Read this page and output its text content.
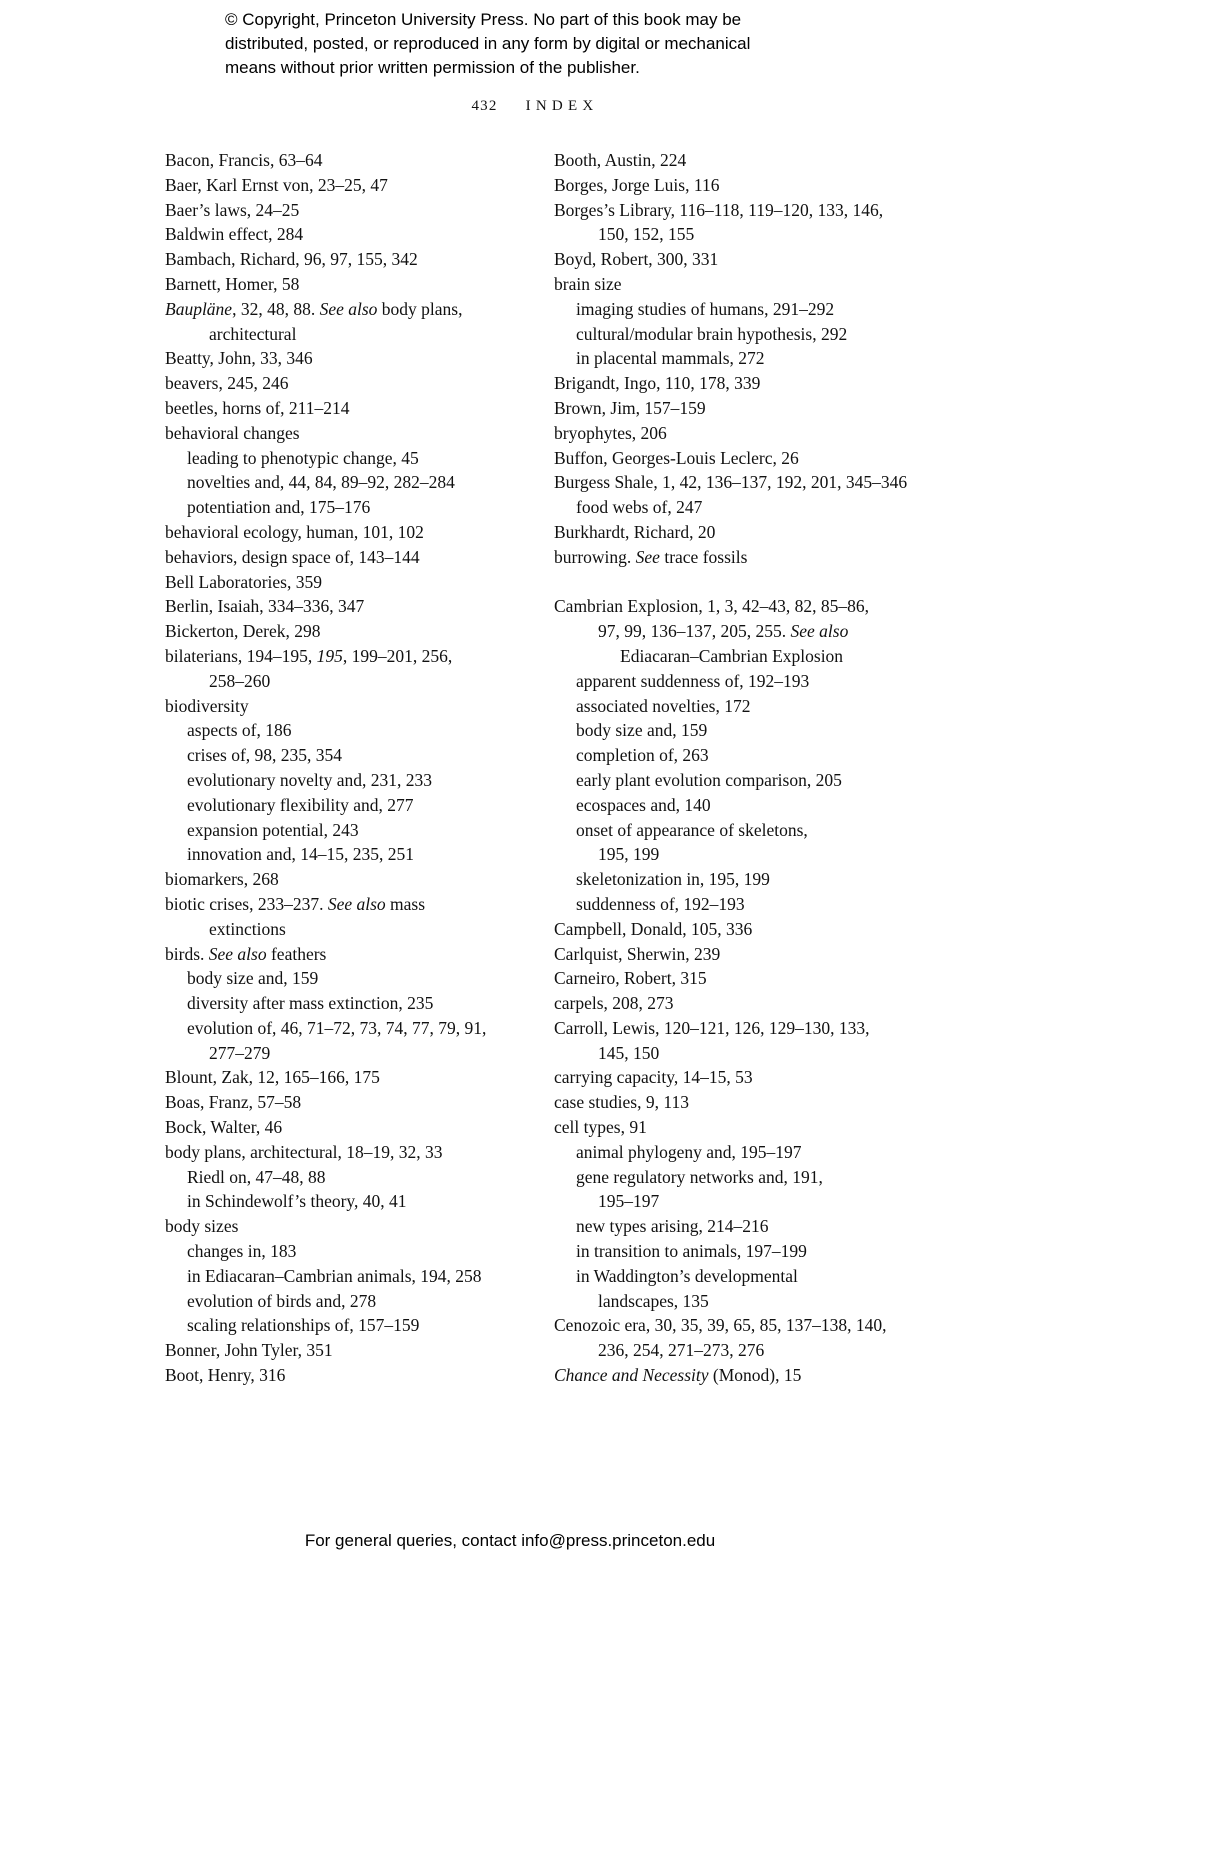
© Copyright, Princeton University Press. No part of this book may be
distributed, posted, or reproduced in any form by digital or mechanical
means without prior written permission of the publisher.
432 INDEX
Bacon, Francis, 63–64
Baer, Karl Ernst von, 23–25, 47
Baer’s laws, 24–25
Baldwin effect, 284
Bambach, Richard, 96, 97, 155, 342
Barnett, Homer, 58
Baupläne, 32, 48, 88. See also body plans,
architectural
Beatty, John, 33, 346
beavers, 245, 246
beetles, horns of, 211–214
behavioral changes
leading to phenotypic change, 45
novelties and, 44, 84, 89–92, 282–284
potentiation and, 175–176
behavioral ecology, human, 101, 102
behaviors, design space of, 143–144
Bell Laboratories, 359
Berlin, Isaiah, 334–336, 347
Bickerton, Derek, 298
bilaterians, 194–195, 195, 199–201, 256,
258–260
biodiversity
aspects of, 186
crises of, 98, 235, 354
evolutionary novelty and, 231, 233
evolutionary flexibility and, 277
expansion potential, 243
innovation and, 14–15, 235, 251
biomarkers, 268
biotic crises, 233–237. See also mass
extinctions
birds. See also feathers
body size and, 159
diversity after mass extinction, 235
evolution of, 46, 71–72, 73, 74, 77, 79, 91,
277–279
Blount, Zak, 12, 165–166, 175
Boas, Franz, 57–58
Bock, Walter, 46
body plans, architectural, 18–19, 32, 33
Riedl on, 47–48, 88
in Schindewolf’s theory, 40, 41
body sizes
changes in, 183
in Ediacaran–Cambrian animals, 194, 258
evolution of birds and, 278
scaling relationships of, 157–159
Bonner, John Tyler, 351
Boot, Henry, 316
Booth, Austin, 224
Borges, Jorge Luis, 116
Borges’s Library, 116–118, 119–120, 133, 146,
150, 152, 155
Boyd, Robert, 300, 331
brain size
imaging studies of humans, 291–292
cultural/modular brain hypothesis, 292
in placental mammals, 272
Brigandt, Ingo, 110, 178, 339
Brown, Jim, 157–159
bryophytes, 206
Buffon, Georges-Louis Leclerc, 26
Burgess Shale, 1, 42, 136–137, 192, 201, 345–346
food webs of, 247
Burkhardt, Richard, 20
burrowing. See trace fossils
Cambrian Explosion, 1, 3, 42–43, 82, 85–86,
97, 99, 136–137, 205, 255. See also
Ediacaran–Cambrian Explosion
apparent suddenness of, 192–193
associated novelties, 172
body size and, 159
completion of, 263
early plant evolution comparison, 205
ecospaces and, 140
onset of appearance of skeletons,
195, 199
skeletonization in, 195, 199
suddenness of, 192–193
Campbell, Donald, 105, 336
Carlquist, Sherwin, 239
Carneiro, Robert, 315
carpels, 208, 273
Carroll, Lewis, 120–121, 126, 129–130, 133,
145, 150
carrying capacity, 14–15, 53
case studies, 9, 113
cell types, 91
animal phylogeny and, 195–197
gene regulatory networks and, 191,
195–197
new types arising, 214–216
in transition to animals, 197–199
in Waddington’s developmental
landscapes, 135
Cenozoic era, 30, 35, 39, 65, 85, 137–138, 140,
236, 254, 271–273, 276
Chance and Necessity (Monod), 15
For general queries, contact info@press.princeton.edu
